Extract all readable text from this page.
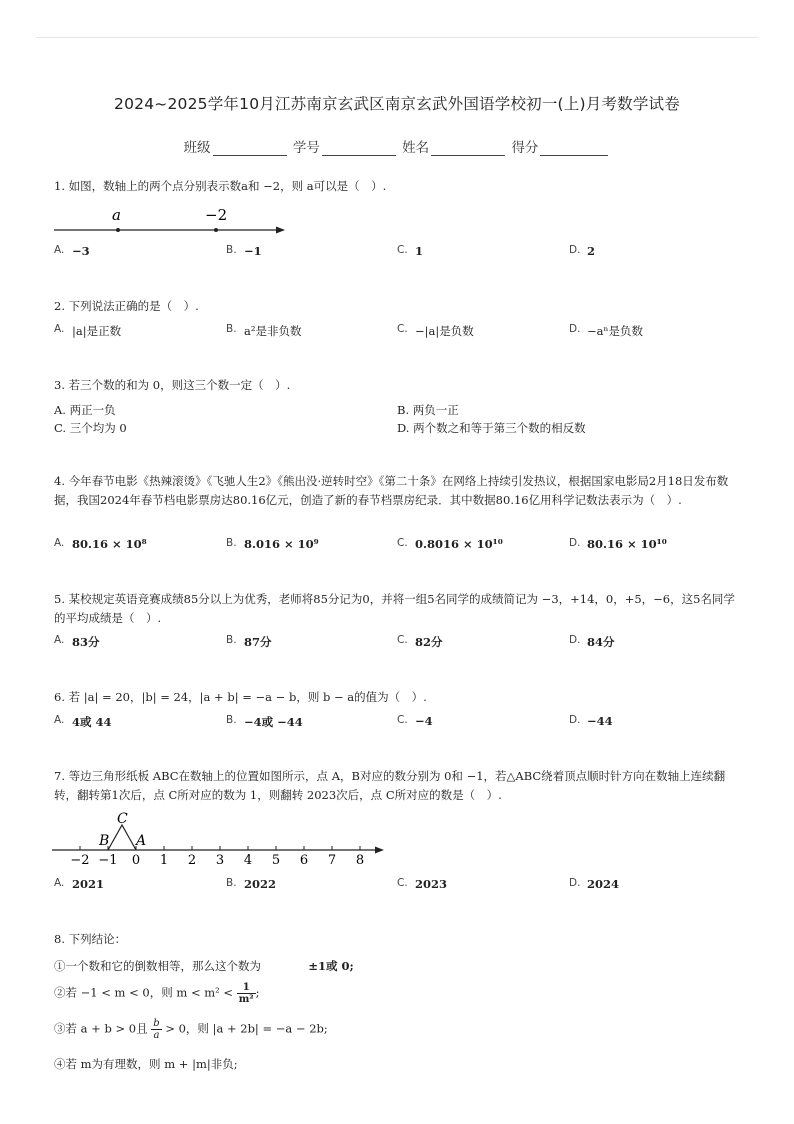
2024~2025学年10月江苏南京玄武区南京玄武外国语学校初一(上)月考数学试卷
班级	学号	姓名	得分
1. 如图，数轴上的两个点分别表示数a和 −2，则 a可以是（　）.
a	−2
A. −3	B. −1	C. 1	D. 2
2. 下列说法正确的是（　）.
A. |a|是正数	B. a²是非负数	C. −|a|是负数	D. −aⁿ是负数
3. 若三个数的和为 0，则这三个数一定（　）.
A. 两正一负	B. 两负一正
C. 三个均为 0	D. 两个数之和等于第三个数的相反数
4. 今年春节电影《热辣滚烫》《飞驰人生2》《熊出没·逆转时空》《第二十条》在网络上持续引发热议，根据国家电影局2月18日发布数据，我国2024年春节档电影票房达80.16亿元，创造了新的春节档票房纪录．其中数据80.16亿用科学记数法表示为（　）.
A. 80.16 × 10⁸	B. 8.016 × 10⁹	C. 0.8016 × 10¹⁰	D. 80.16 × 10¹⁰
5. 某校规定英语竞赛成绩85分以上为优秀，老师将85分记为0，并将一组5名同学的成绩简记为 −3，+14，0，+5，−6，这5名同学的平均成绩是（　）.
A. 83分	B. 87分	C. 82分	D. 84分
6. 若 |a| = 20，|b| = 24，|a + b| = −a − b，则 b − a的值为（　）.
A. 4或 44	B. −4或 −44	C. −4	D. −44
7. 等边三角形纸板 ABC在数轴上的位置如图所示，点 A，B对应的数分别为 0和 −1，若△ABC绕着顶点顺时针方向在数轴上连续翻转，翻转第1次后，点 C所对应的数为 1，则翻转 2023次后，点 C所对应的数是（　）.
−2 −1 0 1 2 3 4 5 6 7 8
C
B A
A. 2021	B. 2022	C. 2023	D. 2024
8. 下列结论：
①一个数和它的倒数相等，那么这个数为	±1或 0;
②若 −1 < m < 0，则 $m < m^2 < \frac{1}{\text{m²}}$ ;
③若 a + b > 0且 $\frac{b}{a} > 0$，则 |a + 2b| = −a − 2b;
④若 m为有理数，则 m + |m|非负;
